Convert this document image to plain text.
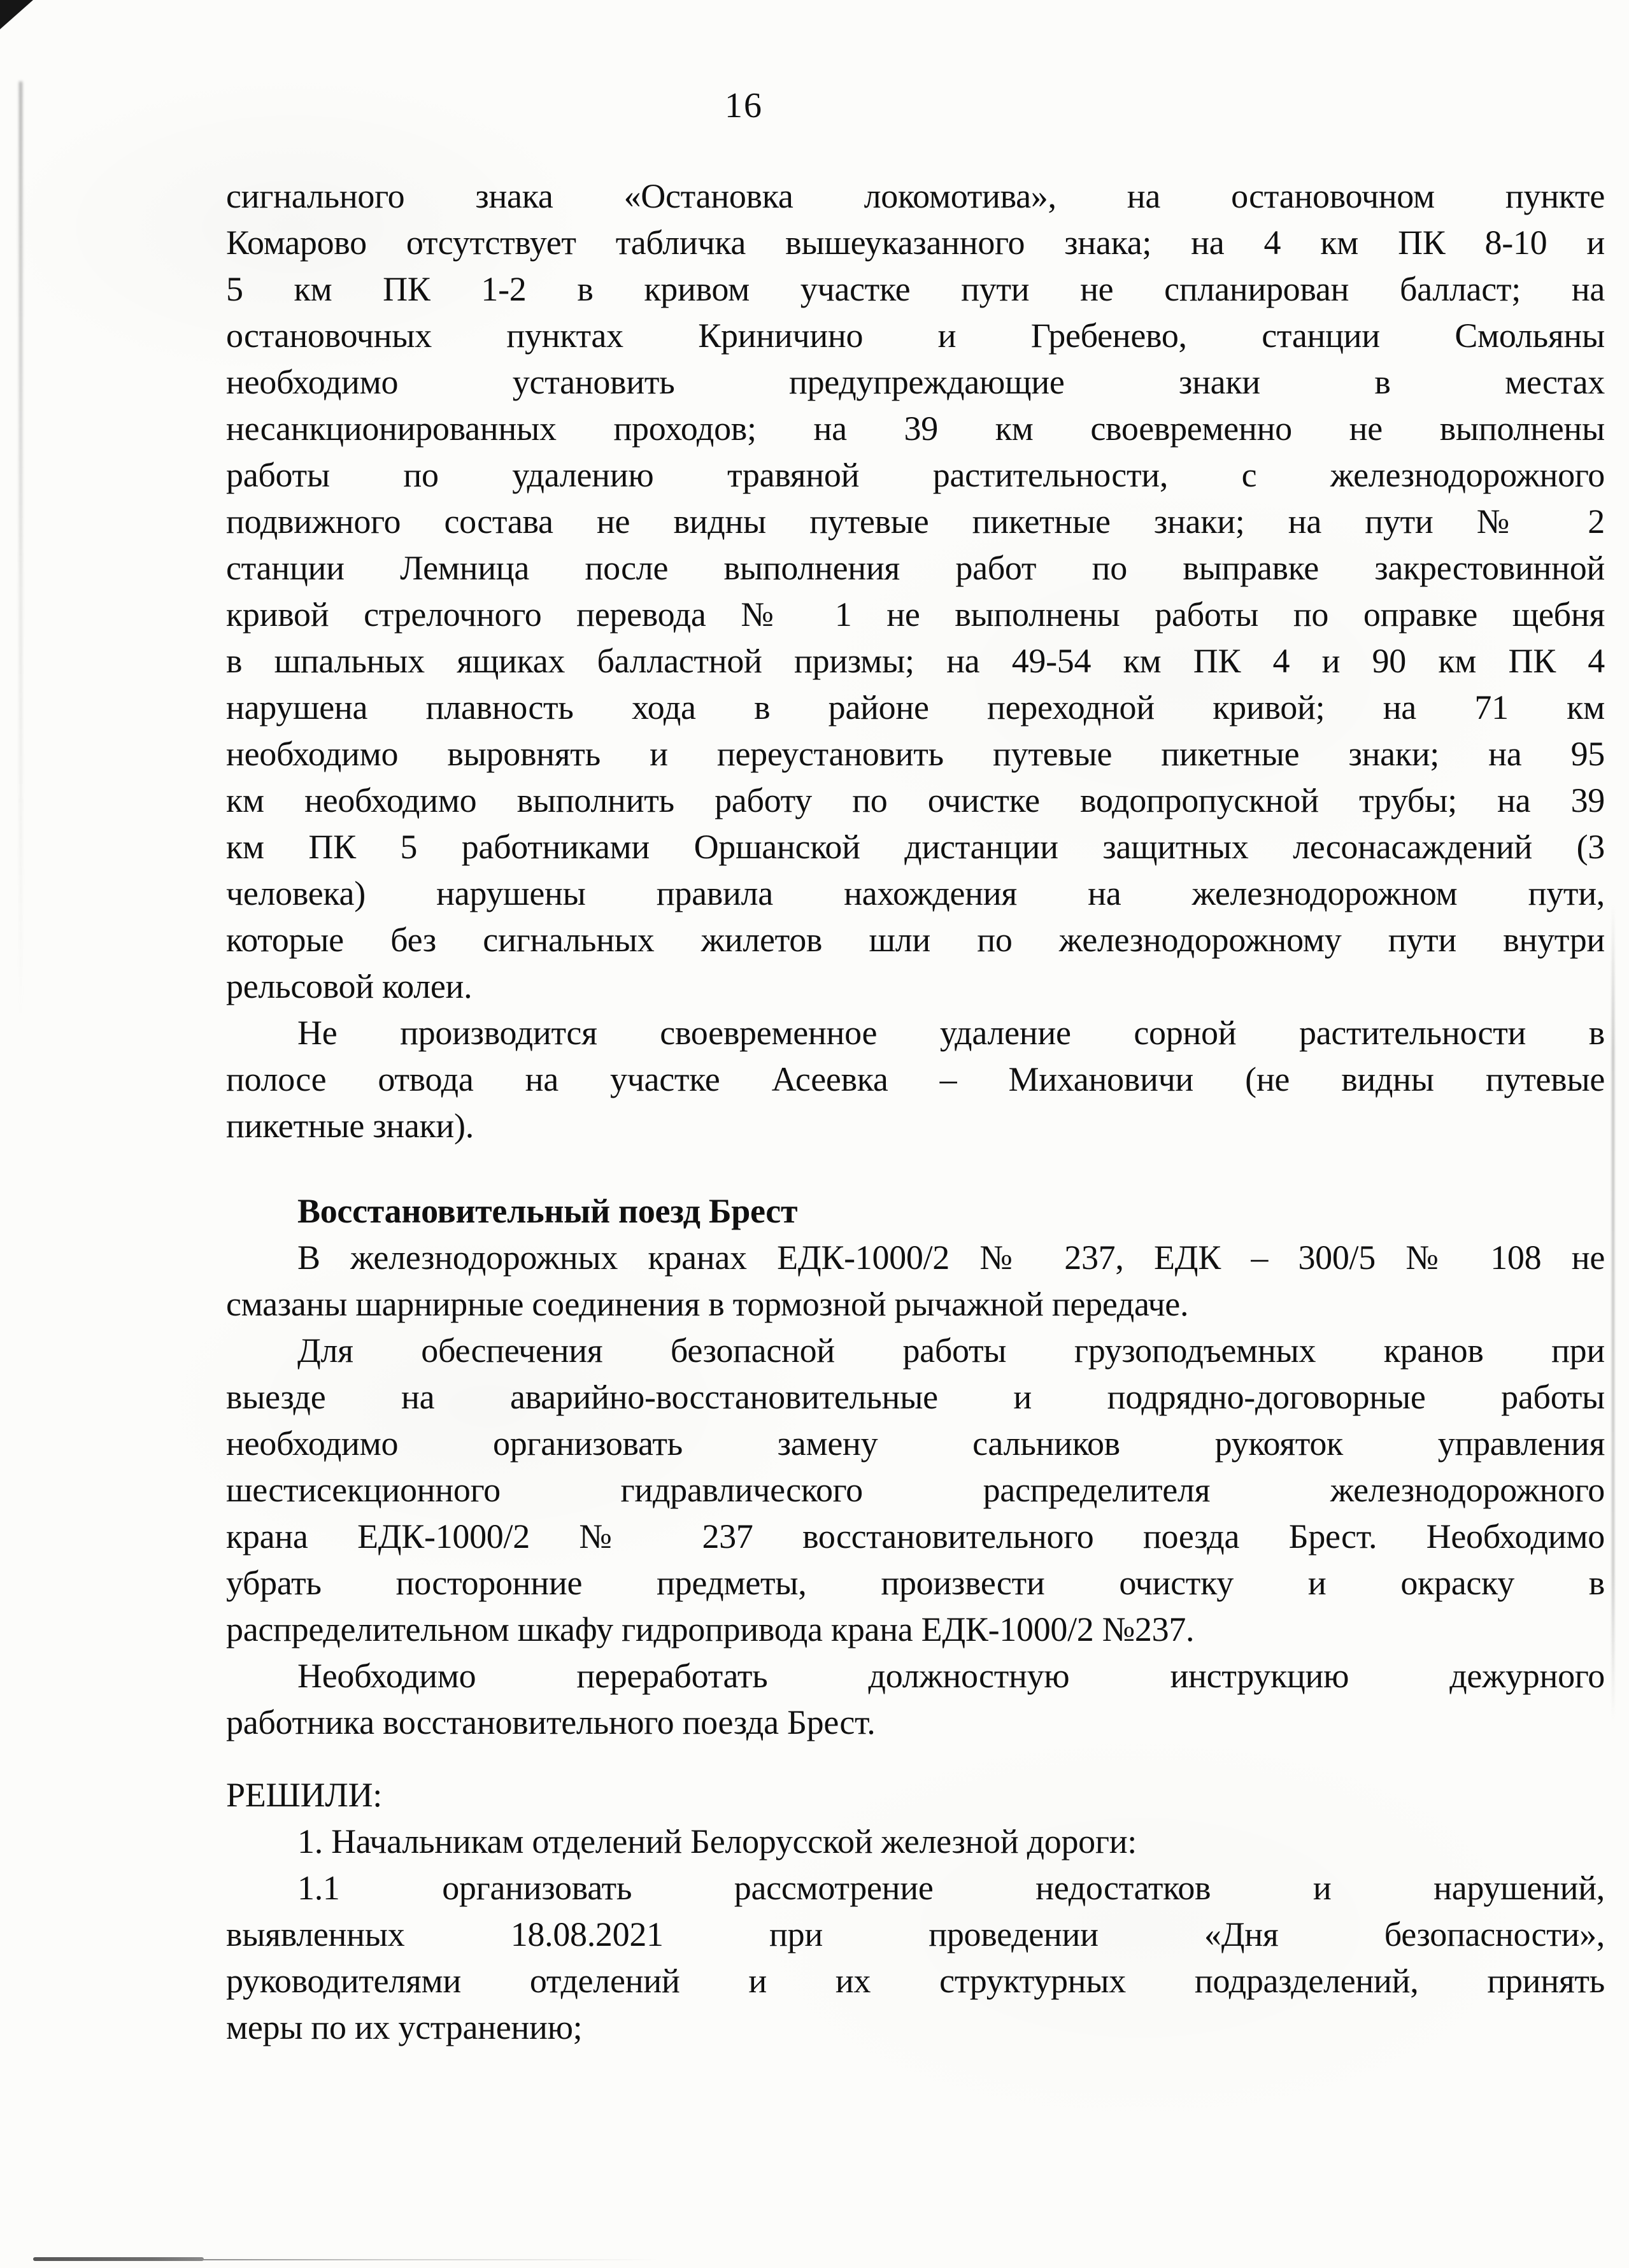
16
сигнального знака «Остановка локомотива», на остановочном пункте
Комарово отсутствует табличка вышеуказанного знака; на 4 км ПК 8-10 и
5 км ПК 1-2 в кривом участке пути не спланирован балласт; на
остановочных пунктах Криничино и Гребенево, станции Смольяны
необходимо установить предупреждающие знаки в местах
несанкционированных проходов; на 39 км своевременно не выполнены
работы по удалению травяной растительности, с железнодорожного
подвижного состава не видны путевые пикетные знаки; на пути № 2
станции Лемница после выполнения работ по выправке закрестовинной
кривой стрелочного перевода № 1 не выполнены работы по оправке щебня
в шпальных ящиках балластной призмы; на 49-54 км ПК 4 и 90 км ПК 4
нарушена плавность хода в районе переходной кривой; на 71 км
необходимо выровнять и переустановить путевые пикетные знаки; на 95
км необходимо выполнить работу по очистке водопропускной трубы; на 39
км ПК 5 работниками Оршанской дистанции защитных лесонасаждений (3
человека) нарушены правила нахождения на железнодорожном пути,
которые без сигнальных жилетов шли по железнодорожному пути внутри
рельсовой колеи.
Не производится своевременное удаление сорной растительности в
полосе отвода на участке Асеевка – Михановичи (не видны путевые
пикетные знаки).
Восстановительный поезд Брест
В железнодорожных кранах ЕДК-1000/2 № 237, ЕДК – 300/5 № 108 не
смазаны шарнирные соединения в тормозной рычажной передаче.
Для обеспечения безопасной работы грузоподъемных кранов при
выезде на аварийно-восстановительные и подрядно-договорные работы
необходимо организовать замену сальников рукояток управления
шестисекционного гидравлического распределителя железнодорожного
крана ЕДК-1000/2 № 237 восстановительного поезда Брест. Необходимо
убрать посторонние предметы, произвести очистку и окраску в
распределительном шкафу гидропривода крана ЕДК-1000/2 №237.
Необходимо переработать должностную инструкцию дежурного
работника восстановительного поезда Брест.
РЕШИЛИ:
1. Начальникам отделений Белорусской железной дороги:
1.1 организовать рассмотрение недостатков и нарушений,
выявленных 18.08.2021 при проведении «Дня безопасности»,
руководителями отделений и их структурных подразделений, принять
меры по их устранению;
